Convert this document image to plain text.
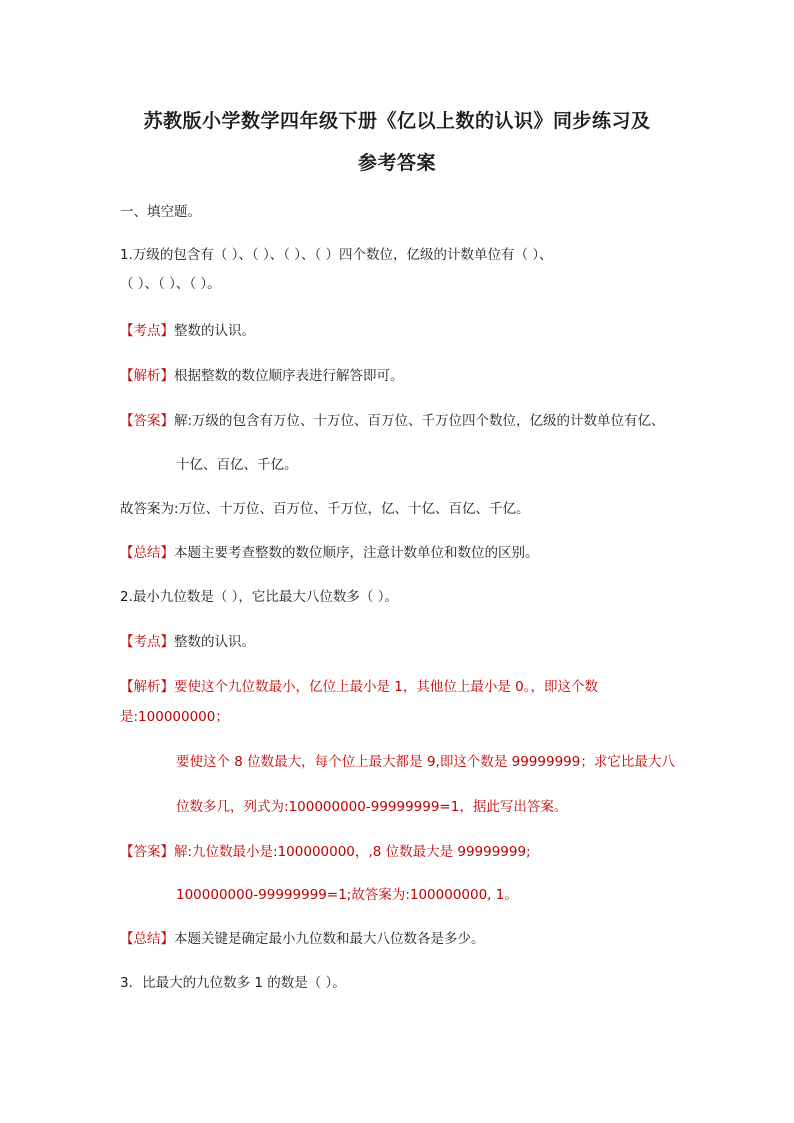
苏教版小学数学四年级下册《亿以上数的认识》同步练习及
参考答案
一、填空题。
1.万级的包含有（ ）、（ ）、（ ）、（ ）四个数位，亿级的计数单位有（ ）、
（ ）、（ ）、（ ）。
【考点】整数的认识。
【解析】根据整数的数位顺序表进行解答即可。
【答案】解:万级的包含有万位、十万位、百万位、千万位四个数位，亿级的计数单位有亿、
十亿、百亿、千亿。
故答案为:万位、十万位、百万位、千万位，亿、十亿、百亿、千亿。
【总结】本题主要考查整数的数位顺序，注意计数单位和数位的区别。
2.最小九位数是（ ），它比最大八位数多（ ）。
【考点】整数的认识。
【解析】要使这个九位数最小，亿位上最小是 1，其他位上最小是 0。，即这个数
是:100000000；
要使这个 8 位数最大，每个位上最大都是 9,即这个数是 99999999；求它比最大八
位数多几，列式为:100000000-99999999=1，据此写出答案。
【答案】解:九位数最小是:100000000，,8 位数最大是 99999999;
100000000-99999999=1;故答案为:100000000, 1。
【总结】本题关键是确定最小九位数和最大八位数各是多少。
3．比最大的九位数多 1 的数是（ ）。
